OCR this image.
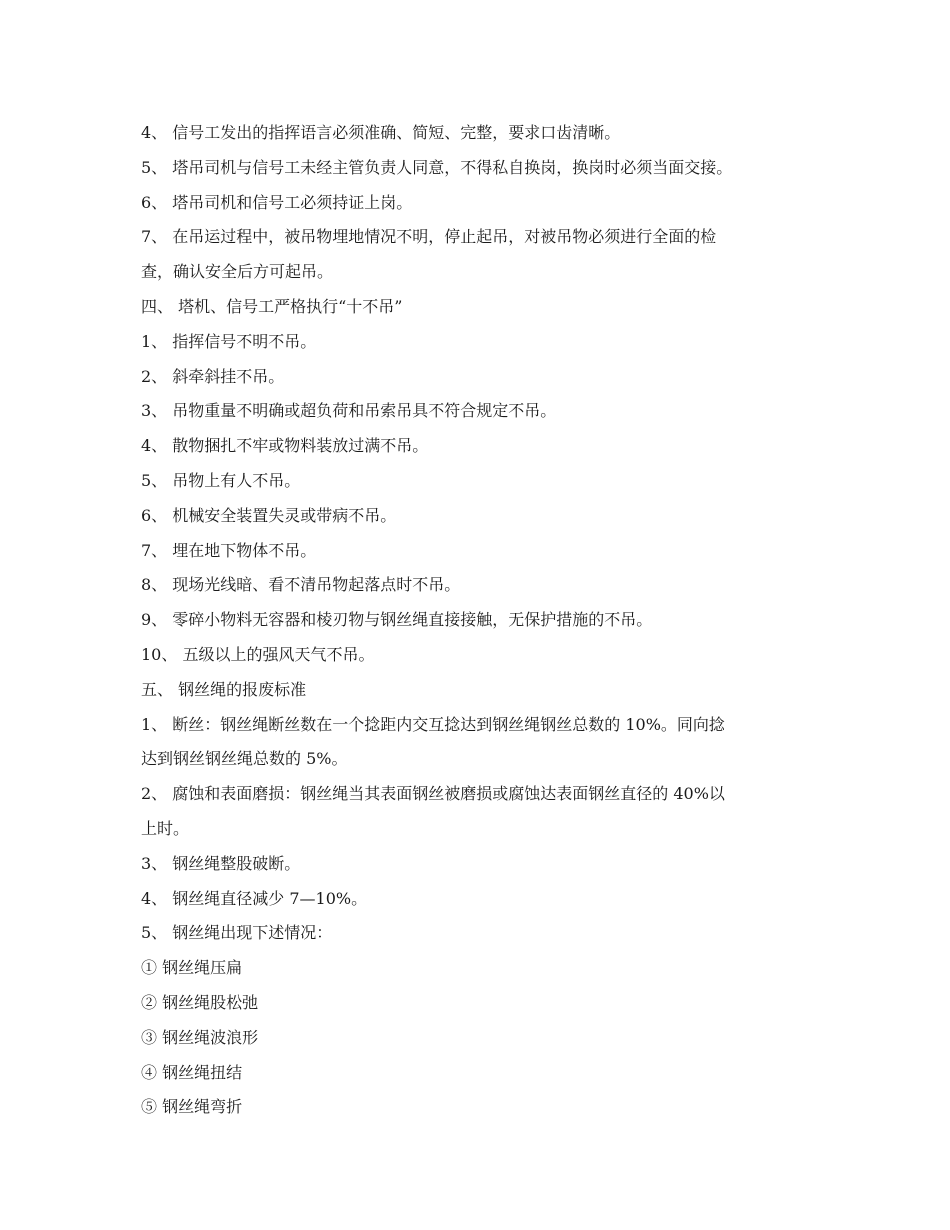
4、 信号工发出的指挥语言必须准确、简短、完整，要求口齿清晰。
5、 塔吊司机与信号工未经主管负责人同意，不得私自换岗，换岗时必须当面交接。
6、 塔吊司机和信号工必须持证上岗。
7、 在吊运过程中，被吊物埋地情况不明，停止起吊，对被吊物必须进行全面的检
查，确认安全后方可起吊。
四、 塔机、信号工严格执行“十不吊”
1、 指挥信号不明不吊。
2、 斜牵斜挂不吊。
3、 吊物重量不明确或超负荷和吊索吊具不符合规定不吊。
4、 散物捆扎不牢或物料装放过满不吊。
5、 吊物上有人不吊。
6、 机械安全装置失灵或带病不吊。
7、 埋在地下物体不吊。
8、 现场光线暗、看不清吊物起落点时不吊。
9、 零碎小物料无容器和棱刃物与钢丝绳直接接触，无保护措施的不吊。
10、 五级以上的强风天气不吊。
五、 钢丝绳的报废标准
1、 断丝：钢丝绳断丝数在一个捻距内交互捻达到钢丝绳钢丝总数的 10%。同向捻
达到钢丝钢丝绳总数的 5%。
2、 腐蚀和表面磨损：钢丝绳当其表面钢丝被磨损或腐蚀达表面钢丝直径的 40%以
上时。
3、 钢丝绳整股破断。
4、 钢丝绳直径减少 7—10%。
5、 钢丝绳出现下述情况：
① 钢丝绳压扁
② 钢丝绳股松弛
③ 钢丝绳波浪形
④ 钢丝绳扭结
⑤ 钢丝绳弯折
